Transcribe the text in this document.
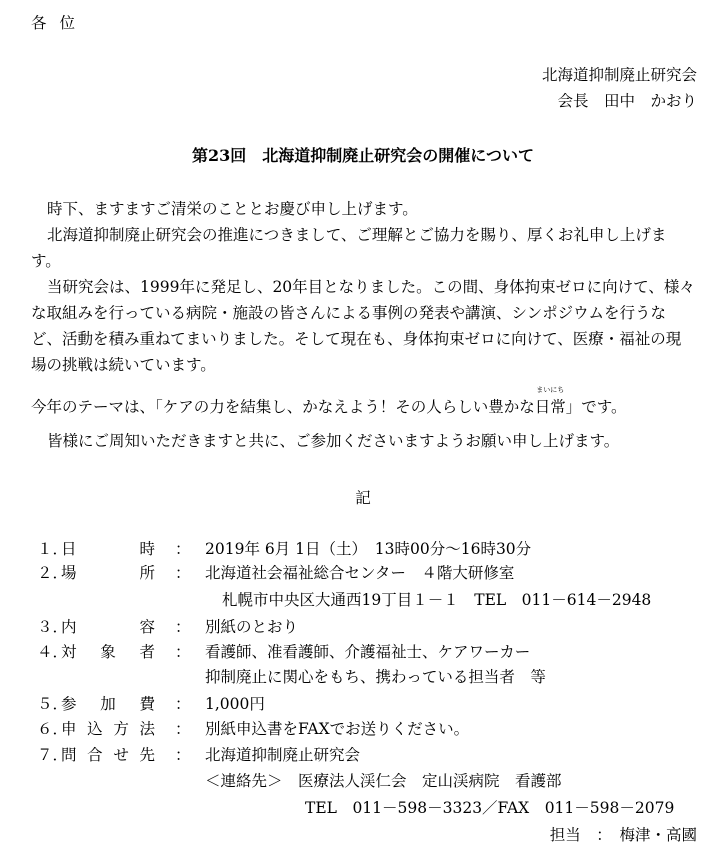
各位
北海道抑制廃止研究会
会長　田中　かおり
第23回　北海道抑制廃止研究会の開催について
時下、ますますご清栄のこととお慶び申し上げます。
北海道抑制廃止研究会の推進につきまして、ご理解とご協力を賜り、厚くお礼申し上げます。
当研究会は、1999年に発足し、20年目となりました。この間、身体拘束ゼロに向けて、様々な取組みを行っている病院・施設の皆さんによる事例の発表や講演、シンポジウムを行うなど、活動を積み重ねてまいりました。そして現在も、身体拘束ゼロに向けて、医療・福祉の現場の挑戦は続いています。
今年のテーマは、「ケアの力を結集し、かなえよう！その人らしい豊かな
まいにち
日常」です。
皆様にご周知いただきますと共に、ご参加くださいますようお願い申し上げます。
記
１．
日　　時 ： 2019年 6月 1日（土）　13時00分～16時30分
２．
場　　所 ： 北海道社会福祉総合センター　４階大研修室
札幌市中央区大通西19丁目１－１　TEL　011－614－2948
３．
内　　容 ： 別紙のとおり
４．
対 象 者 ： 看護師、准看護師、介護福祉士、ケアワーカー
抑制廃止に関心をもち、携わっている担当者　等
５．
参 加 費 ： 1,000円
６．
申込方法 ： 別紙申込書をFAXでお送りください。
７．
問合せ先 ： 北海道抑制廃止研究会
＜連絡先＞　医療法人渓仁会　定山渓病院　看護部
TEL　011－598－3323／FAX　011－598－2079
担当　：　梅津・高國
